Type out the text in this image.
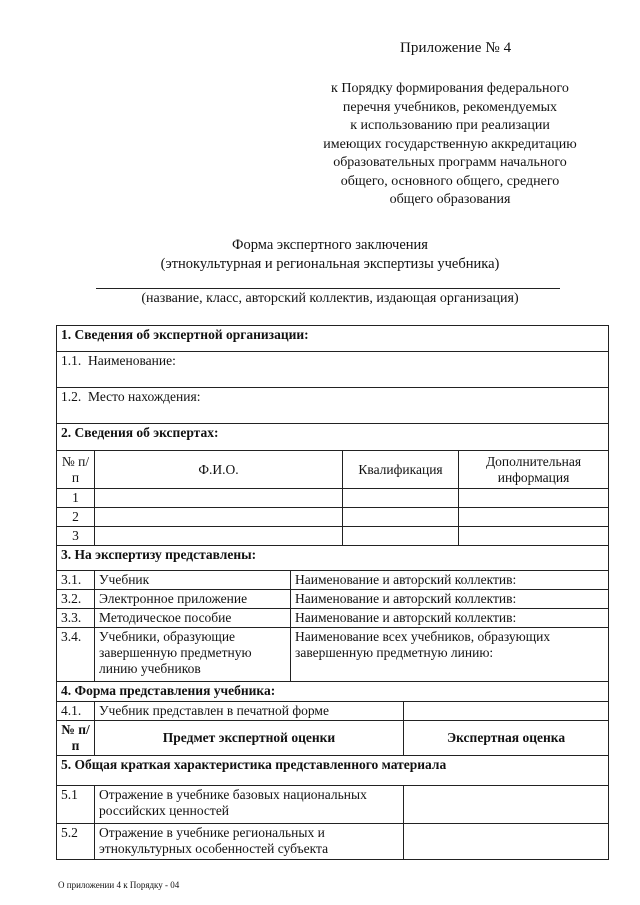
Приложение № 4
к Порядку формирования федерального
перечня учебников, рекомендуемых
к использованию при реализации
имеющих государственную аккредитацию
образовательных программ начального
общего, основного общего, среднего
общего образования
Форма экспертного заключения
(этнокультурная и региональная экспертизы учебника)
(название, класс, авторский коллектив, издающая организация)
1. Сведения об экспертной организации:					
1.1. Наименование:					
1.2. Место нахождения:					
2. Сведения об экспертах:					
№ п/п	Ф.И.О.		Квалификация		Дополнительная информация
1					
2					
3					
3. На экспертизу представлены:					
3.1.	Учебник	Наименование и авторский коллектив:			
3.2.	Электронное приложение	Наименование и авторский коллектив:			
3.3.	Методическое пособие	Наименование и авторский коллектив:			
3.4.	Учебники, образующие завершенную предметную линию учебников	Наименование всех учебников, образующих завершенную предметную линию:			
4. Форма представления учебника:					
4.1.	Учебник представлен в печатной форме				
№ п/п	Предмет экспертной оценки			Экспертная оценка	
5. Общая краткая характеристика представленного материала					
5.1	Отражение в учебнике базовых национальных российских ценностей				
5.2	Отражение в учебнике региональных и этнокультурных особенностей субъекта				
О приложении 4 к Порядку - 04
